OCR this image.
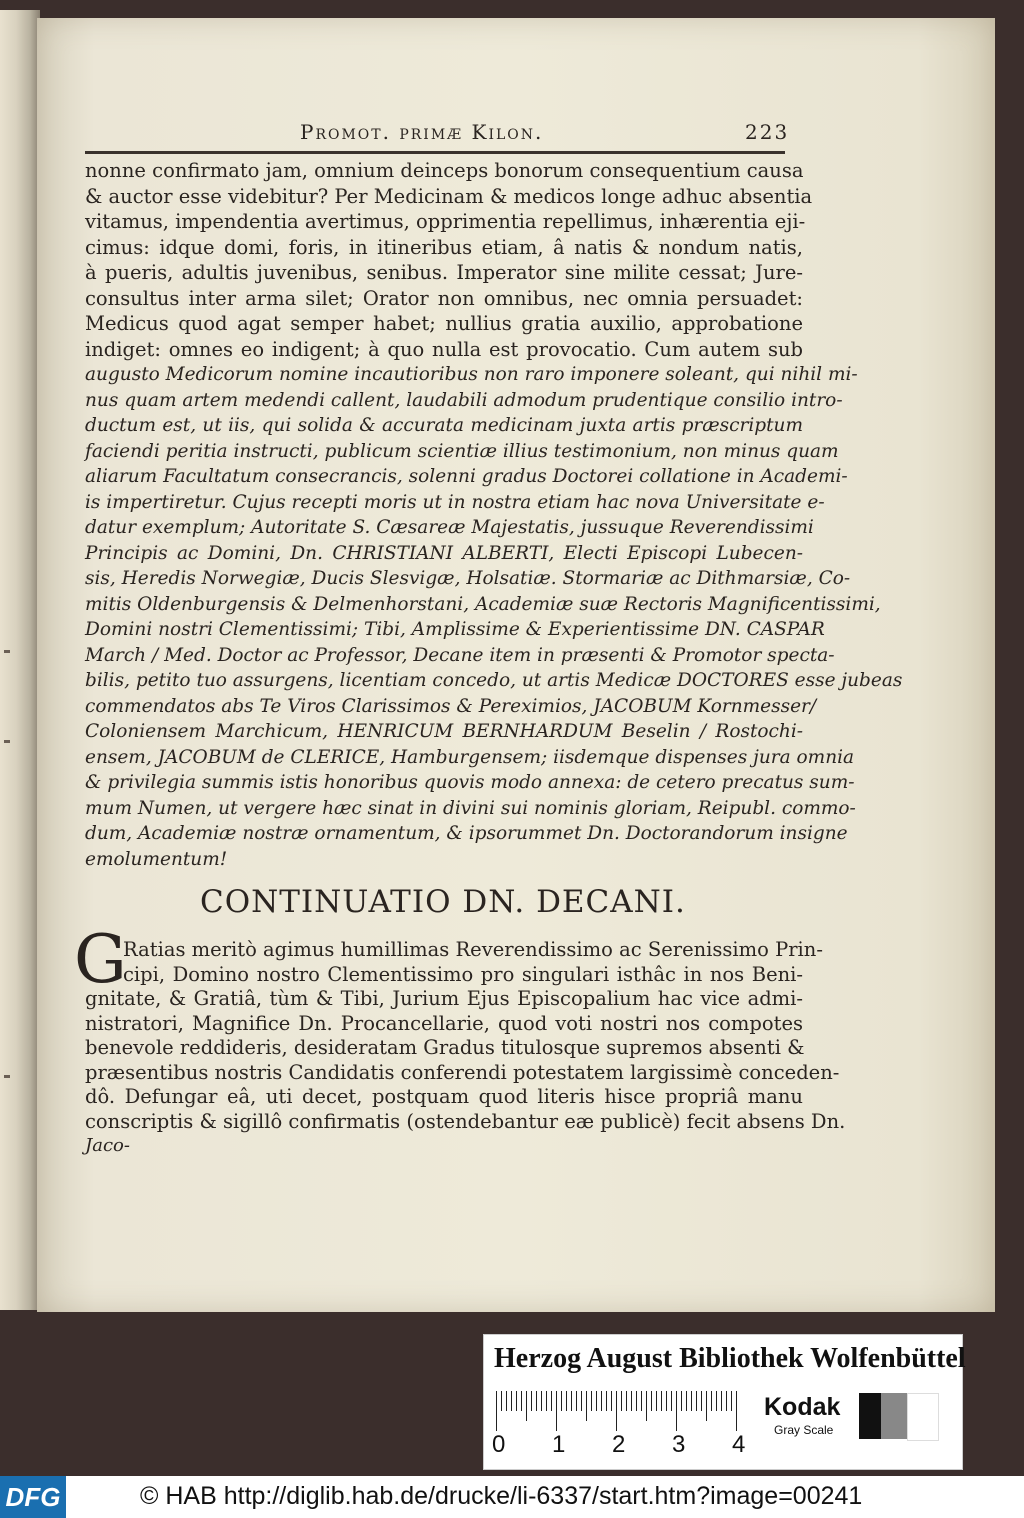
Promot. primæ Kilon.	223
nonne confirmato jam, omnium deinceps bonorum consequentium causa
& auctor esse videbitur? Per Medicinam & medicos longe adhuc absentia
vitamus, impendentia avertimus, opprimentia repellimus, inhærentia eji-
cimus: idque domi, foris, in itineribus etiam, â natis & nondum natis,
à pueris, adultis juvenibus, senibus. Imperator sine milite cessat; Jure-
consultus inter arma silet; Orator non omnibus, nec omnia persuadet:
Medicus quod agat semper habet; nullius gratia auxilio, approbatione
indiget: omnes eo indigent; à quo nulla est provocatio. Cum autem sub
augusto Medicorum nomine incautioribus non raro imponere soleant, qui nihil mi-
nus quam artem medendi callent, laudabili admodum prudentique consilio intro-
ductum est, ut iis, qui solida & accurata medicinam juxta artis præscriptum
faciendi peritia instructi, publicum scientiæ illius testimonium, non minus quam
aliarum Facultatum consecrancis, solenni gradus Doctorei collatione in Academi-
is impertiretur. Cujus recepti moris ut in nostra etiam hac nova Universitate e-
datur exemplum; Autoritate S. Cæsareæ Majestatis, jussuque Reverendissimi
Principis ac Domini, Dn. CHRISTIANI ALBERTI, Electi Episcopi Lubecen-
sis, Heredis Norwegiæ, Ducis Slesvigæ, Holsatiæ. Stormariæ ac Dithmarsiæ, Co-
mitis Oldenburgensis & Delmenhorstani, Academiæ suæ Rectoris Magnificentissimi,
Domini nostri Clementissimi; Tibi, Amplissime & Experientissime DN. CASPAR
March / Med. Doctor ac Professor, Decane item in præsenti & Promotor specta-
bilis, petito tuo assurgens, licentiam concedo, ut artis Medicæ DOCTORES esse jubeas
commendatos abs Te Viros Clarissimos & Pereximios, JACOBUM Kornmesser/
Coloniensem Marchicum, HENRICUM BERNHARDUM Beselin / Rostochi-
ensem, JACOBUM de CLERICE, Hamburgensem; iisdemque dispenses jura omnia
& privilegia summis istis honoribus quovis modo annexa: de cetero precatus sum-
mum Numen, ut vergere hæc sinat in divini sui nominis gloriam, Reipubl. commo-
dum, Academiæ nostræ ornamentum, & ipsorummet Dn. Doctorandorum insigne
emolumentum!
CONTINUATIO DN. DECANI.
G
Ratias meritò agimus humillimas Reverendissimo ac Serenissimo Prin-
cipi, Domino nostro Clementissimo pro singulari isthâc in nos Beni-
gnitate, & Gratiâ, tùm & Tibi, Jurium Ejus Episcopalium hac vice admi-
nistratori, Magnifice Dn. Procancellarie, quod voti nostri nos compotes
benevole reddideris, desideratam Gradus titulosque supremos absenti &
præsentibus nostris Candidatis conferendi potestatem largissimè conceden-
dô. Defungar eâ, uti decet, postquam quod literis hisce propriâ manu
conscriptis & sigillô confirmatis (ostendebantur eæ publicè) fecit absens Dn.
Jaco-
Herzog August Bibliothek Wolfenbüttel
0 1 2 3 4
Kodak
Gray Scale
DFG	© HAB http://diglib.hab.de/drucke/li-6337/start.htm?image=00241
